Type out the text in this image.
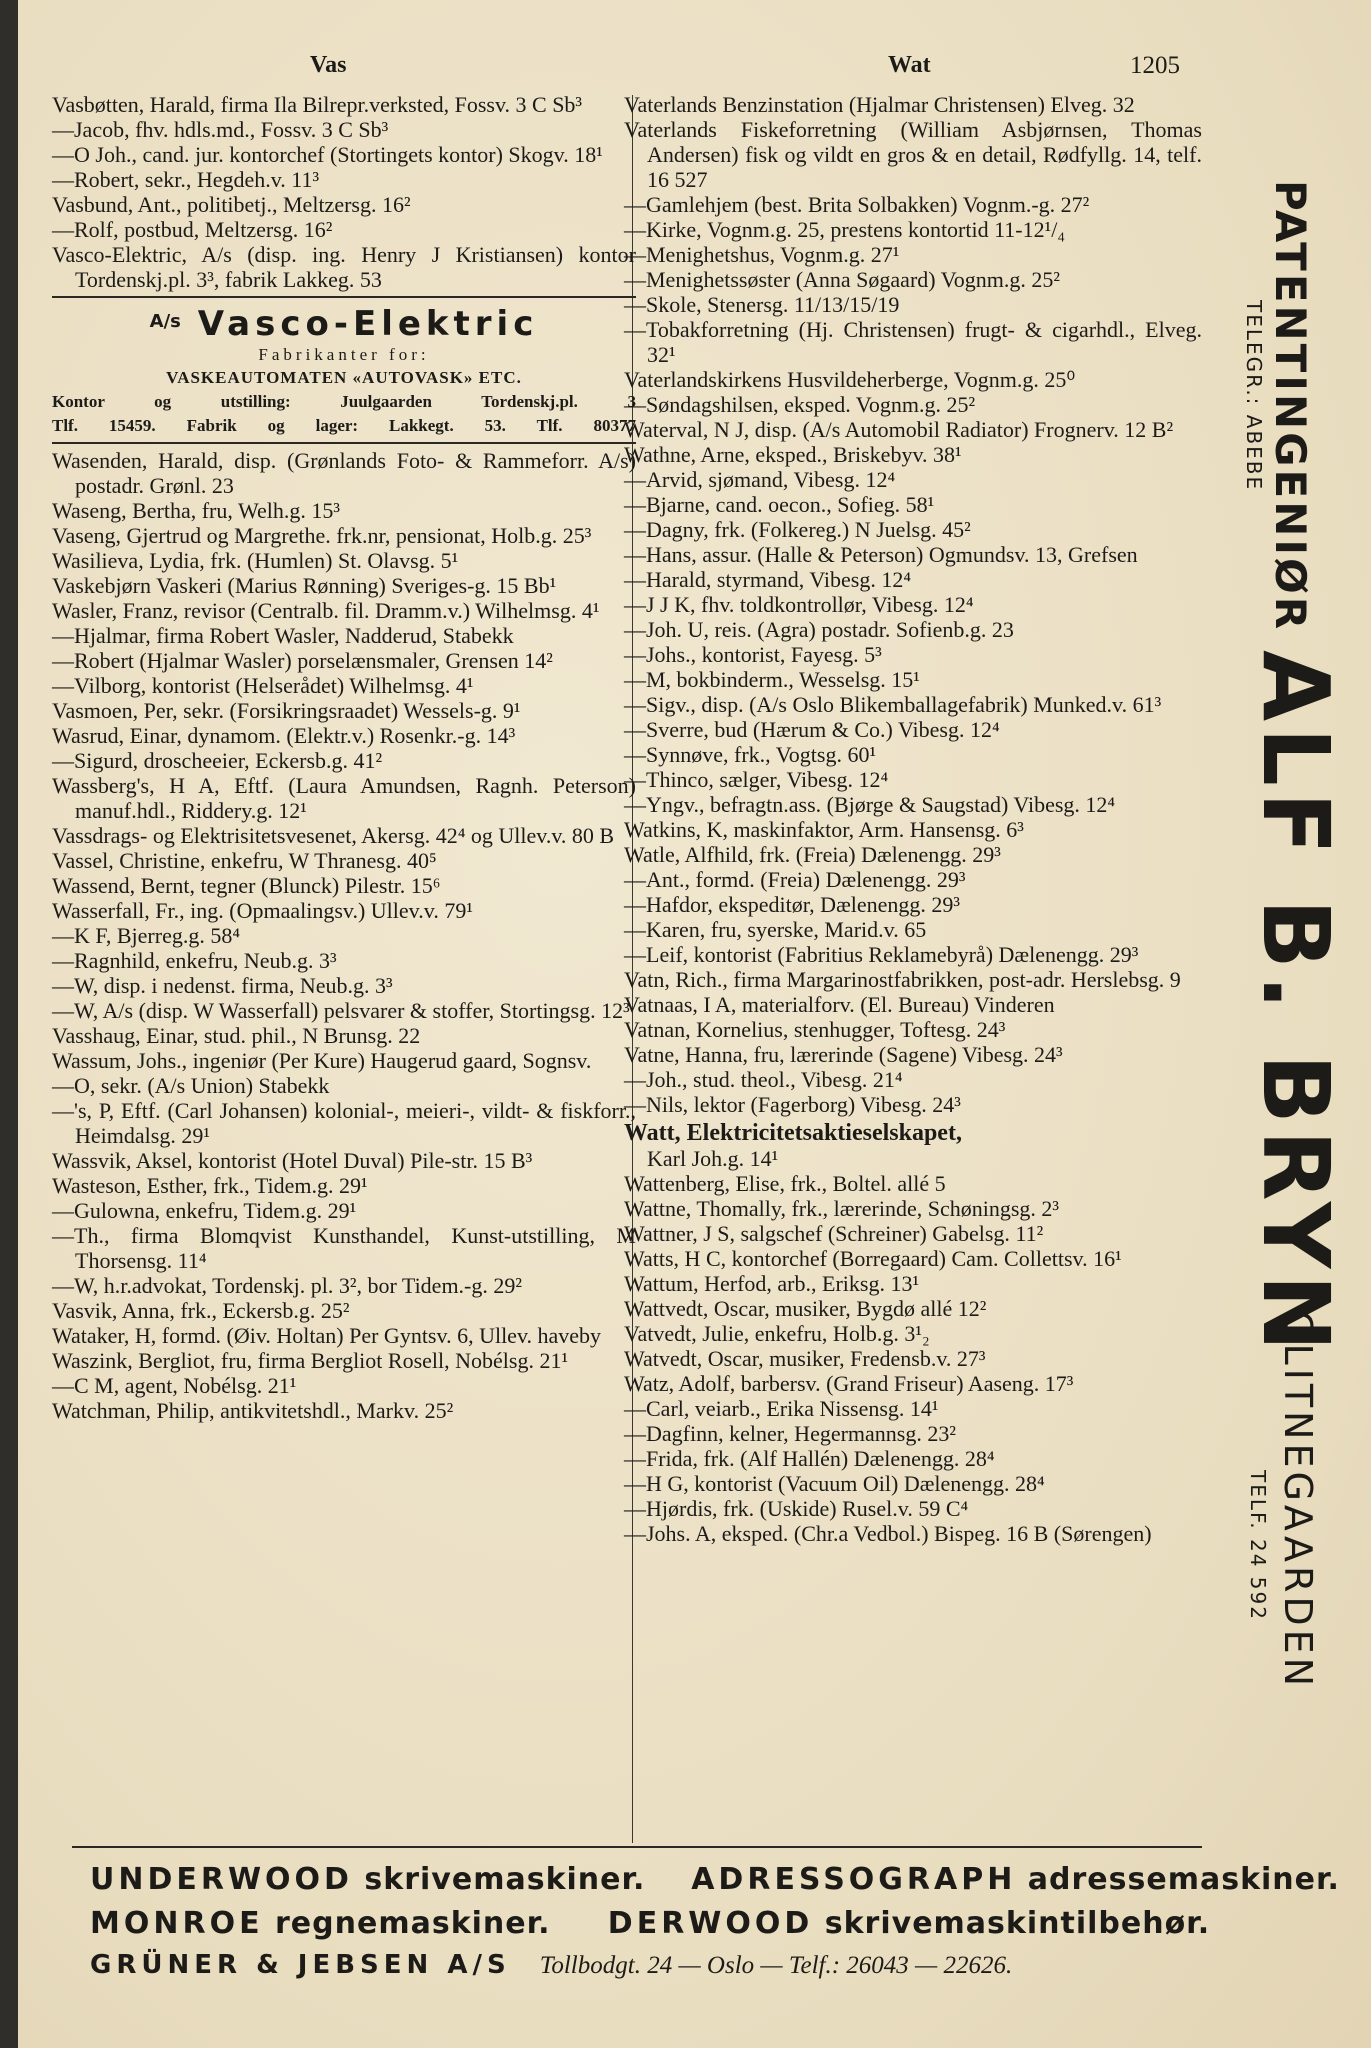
Vas	Wat	1205
Vasbøtten, Harald, firma Ila Bilrepr.verksted, Fossv. 3 C Sb³
—Jacob, fhv. hdls.md., Fossv. 3 C Sb³
—O Joh., cand. jur. kontorchef (Stortingets kontor) Skogv. 18¹
—Robert, sekr., Hegdeh.v. 11³
Vasbund, Ant., politibetj., Meltzersg. 16²
—Rolf, postbud, Meltzersg. 16²
Vasco-Elektric, A/s (disp. ing. Henry J Kristiansen) kontor Tordenskj.pl. 3³, fabrik Lakkeg. 53
$^{A/s}$ Vasco-Elektric
Fabrikanter for:
VASKEAUTOMATEN «AUTOVASK» ETC.
Kontor og utstilling: Juulgaarden Tordenskj.pl. 3
Tlf. 15459. Fabrik og lager: Lakkegt. 53. Tlf. 80377
Wasenden, Harald, disp. (Grønlands Foto- & Rammeforr. A/s) postadr. Grønl. 23
Waseng, Bertha, fru, Welh.g. 15³
Vaseng, Gjertrud og Margrethe. frk.nr, pensionat, Holb.g. 25³
Wasilieva, Lydia, frk. (Humlen) St. Olavsg. 5¹
Vaskebjørn Vaskeri (Marius Rønning) Sveriges-g. 15 Bb¹
Wasler, Franz, revisor (Centralb. fil. Dramm.v.) Wilhelmsg. 4¹
—Hjalmar, firma Robert Wasler, Nadderud, Stabekk
—Robert (Hjalmar Wasler) porselænsmaler, Grensen 14²
—Vilborg, kontorist (Helserådet) Wilhelmsg. 4¹
Vasmoen, Per, sekr. (Forsikringsraadet) Wessels-g. 9¹
Wasrud, Einar, dynamom. (Elektr.v.) Rosenkr.-g. 14³
—Sigurd, droscheeier, Eckersb.g. 41²
Wassberg's, H A, Eftf. (Laura Amundsen, Ragnh. Peterson) manuf.hdl., Riddery.g. 12¹
Vassdrags- og Elektrisitetsvesenet, Akersg. 42⁴ og Ullev.v. 80 B
Vassel, Christine, enkefru, W Thranesg. 40⁵
Wassend, Bernt, tegner (Blunck) Pilestr. 15⁶
Wasserfall, Fr., ing. (Opmaalingsv.) Ullev.v. 79¹
—K F, Bjerreg.g. 58⁴
—Ragnhild, enkefru, Neub.g. 3³
—W, disp. i nedenst. firma, Neub.g. 3³
—W, A/s (disp. W Wasserfall) pelsvarer & stoffer, Stortingsg. 12³
Vasshaug, Einar, stud. phil., N Brunsg. 22
Wassum, Johs., ingeniør (Per Kure) Haugerud gaard, Sognsv.
—O, sekr. (A/s Union) Stabekk
—'s, P, Eftf. (Carl Johansen) kolonial-, meieri-, vildt- & fiskforr., Heimdalsg. 29¹
Wassvik, Aksel, kontorist (Hotel Duval) Pile-str. 15 B³
Wasteson, Esther, frk., Tidem.g. 29¹
—Gulowna, enkefru, Tidem.g. 29¹
—Th., firma Blomqvist Kunsthandel, Kunst-utstilling, M Thorsensg. 11⁴
—W, h.r.advokat, Tordenskj. pl. 3², bor Tidem.-g. 29²
Vasvik, Anna, frk., Eckersb.g. 25²
Wataker, H, formd. (Øiv. Holtan) Per Gyntsv. 6, Ullev. haveby
Waszink, Bergliot, fru, firma Bergliot Rosell, Nobélsg. 21¹
—C M, agent, Nobélsg. 21¹
Watchman, Philip, antikvitetshdl., Markv. 25²
Vaterlands Benzinstation (Hjalmar Christensen) Elveg. 32
Vaterlands Fiskeforretning (William Asbjørnsen, Thomas Andersen) fisk og vildt en gros & en detail, Rødfyllg. 14, telf. 16 527
—Gamlehjem (best. Brita Solbakken) Vognm.-g. 27²
—Kirke, Vognm.g. 25, prestens kontortid 11-12¹/₄
—Menighetshus, Vognm.g. 27¹
—Menighetssøster (Anna Søgaard) Vognm.g. 25²
—Skole, Stenersg. 11/13/15/19
—Tobakforretning (Hj. Christensen) frugt- & cigarhdl., Elveg. 32¹
Vaterlandskirkens Husvildeherberge, Vognm.g. 25⁰
—Søndagshilsen, eksped. Vognm.g. 25²
Waterval, N J, disp. (A/s Automobil Radiator) Frognerv. 12 B²
Wathne, Arne, eksped., Briskebyv. 38¹
—Arvid, sjømand, Vibesg. 12⁴
—Bjarne, cand. oecon., Sofieg. 58¹
—Dagny, frk. (Folkereg.) N Juelsg. 45²
—Hans, assur. (Halle & Peterson) Ogmundsv. 13, Grefsen
—Harald, styrmand, Vibesg. 12⁴
—J J K, fhv. toldkontrollør, Vibesg. 12⁴
—Joh. U, reis. (Agra) postadr. Sofienb.g. 23
—Johs., kontorist, Fayesg. 5³
—M, bokbinderm., Wesselsg. 15¹
—Sigv., disp. (A/s Oslo Blikemballagefabrik) Munked.v. 61³
—Sverre, bud (Hærum & Co.) Vibesg. 12⁴
—Synnøve, frk., Vogtsg. 60¹
—Thinco, sælger, Vibesg. 12⁴
—Yngv., befragtn.ass. (Bjørge & Saugstad) Vibesg. 12⁴
Watkins, K, maskinfaktor, Arm. Hansensg. 6³
Watle, Alfhild, frk. (Freia) Dælenengg. 29³
—Ant., formd. (Freia) Dælenengg. 29³
—Hafdor, ekspeditør, Dælenengg. 29³
—Karen, fru, syerske, Marid.v. 65
—Leif, kontorist (Fabritius Reklamebyrå) Dælenengg. 29³
Vatn, Rich., firma Margarinostfabrikken, post-adr. Herslebsg. 9
Vatnaas, I A, materialforv. (El. Bureau) Vinderen
Vatnan, Kornelius, stenhugger, Toftesg. 24³
Vatne, Hanna, fru, lærerinde (Sagene) Vibesg. 24³
—Joh., stud. theol., Vibesg. 21⁴
—Nils, lektor (Fagerborg) Vibesg. 24³
Watt, Elektricitetsaktieselskapet,
Karl Joh.g. 14¹
Wattenberg, Elise, frk., Boltel. allé 5
Wattne, Thomally, frk., lærerinde, Schøningsg. 2³
Wattner, J S, salgschef (Schreiner) Gabelsg. 11²
Watts, H C, kontorchef (Borregaard) Cam. Collettsv. 16¹
Wattum, Herfod, arb., Eriksg. 13¹
Wattvedt, Oscar, musiker, Bygdø allé 12²
Vatvedt, Julie, enkefru, Holb.g. 3¹₂
Watvedt, Oscar, musiker, Fredensb.v. 27³
Watz, Adolf, barbersv. (Grand Friseur) Aaseng. 17³
—Carl, veiarb., Erika Nissensg. 14¹
—Dagfinn, kelner, Hegermannsg. 23²
—Frida, frk. (Alf Hallén) Dælenengg. 28⁴
—H G, kontorist (Vacuum Oil) Dælenengg. 28⁴
—Hjørdis, frk. (Uskide) Rusel.v. 59 C⁴
—Johs. A, eksped. (Chr.a Vedbol.) Bispeg. 16 B (Sørengen)
PATENTINGENIØR
TELEGR.: ABEBE
ALF B. BRYN
GLITNEGAARDEN
TELF. 24 592
UNDERWOOD skrivemaskiner. ADRESSOGRAPH adressemaskiner.
MONROE regnemaskiner. DERWOOD skrivemaskintilbehør.
GRÜNER & JEBSEN A/S Tollbodgt. 24 — Oslo — Telf.: 26043 — 22626.
